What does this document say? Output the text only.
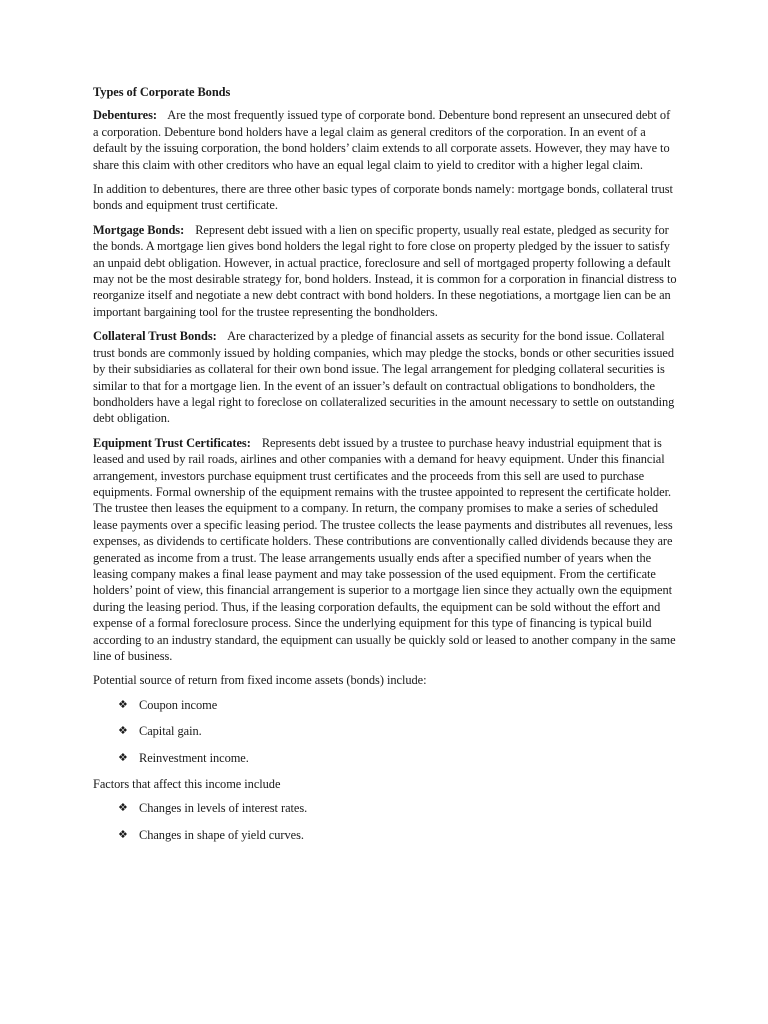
Types of Corporate Bonds

Debentures: Are the most frequently issued type of corporate bond. Debenture bond represent an unsecured debt of a corporation. Debenture bond holders have a legal claim as general creditors of the corporation. In an event of a default by the issuing corporation, the bond holders’ claim extends to all corporate assets. However, they may have to share this claim with other creditors who have an equal legal claim to yield to creditor with a higher legal claim.

In addition to debentures, there are three other basic types of corporate bonds namely: mortgage bonds, collateral trust bonds and equipment trust certificate.

Mortgage Bonds: Represent debt issued with a lien on specific property, usually real estate, pledged as security for the bonds. A mortgage lien gives bond holders the legal right to fore close on property pledged by the issuer to satisfy an unpaid debt obligation. However, in actual practice, foreclosure and sell of mortgaged property following a default may not be the most desirable strategy for, bond holders. Instead, it is common for a corporation in financial distress to reorganize itself and negotiate a new debt contract with bond holders. In these negotiations, a mortgage lien can be an important bargaining tool for the trustee representing the bondholders.

Collateral Trust Bonds: Are characterized by a pledge of financial assets as security for the bond issue. Collateral trust bonds are commonly issued by holding companies, which may pledge the stocks, bonds or other securities issued by their subsidiaries as collateral for their own bond issue. The legal arrangement for pledging collateral securities is similar to that for a mortgage lien. In the event of an issuer’s default on contractual obligations to bondholders, the bondholders have a legal right to foreclose on collateralized securities in the amount necessary to settle on outstanding debt obligation.

Equipment Trust Certificates: Represents debt issued by a trustee to purchase heavy industrial equipment that is leased and used by rail roads, airlines and other companies with a demand for heavy equipment. Under this financial arrangement, investors purchase equipment trust certificates and the proceeds from this sell are used to purchase equipments. Formal ownership of the equipment remains with the trustee appointed to represent the certificate holder. The trustee then leases the equipment to a company. In return, the company promises to make a series of scheduled lease payments over a specific leasing period. The trustee collects the lease payments and distributes all revenues, less expenses, as dividends to certificate holders. These contributions are conventionally called dividends because they are generated as income from a trust. The lease arrangements usually ends after a specified number of years when the leasing company makes a final lease payment and may take possession of the used equipment. From the certificate holders’ point of view, this financial arrangement is superior to a mortgage lien since they actually own the equipment during the leasing period. Thus, if the leasing corporation defaults, the equipment can be sold without the effort and expense of a formal foreclosure process. Since the underlying equipment for this type of financing is typical build according to an industry standard, the equipment can usually be quickly sold or leased to another company in the same line of business.

Potential source of return from fixed income assets (bonds) include:

❖ Coupon income
❖ Capital gain.
❖ Reinvestment income.

Factors that affect this income include

❖ Changes in levels of interest rates.
❖ Changes in shape of yield curves.
